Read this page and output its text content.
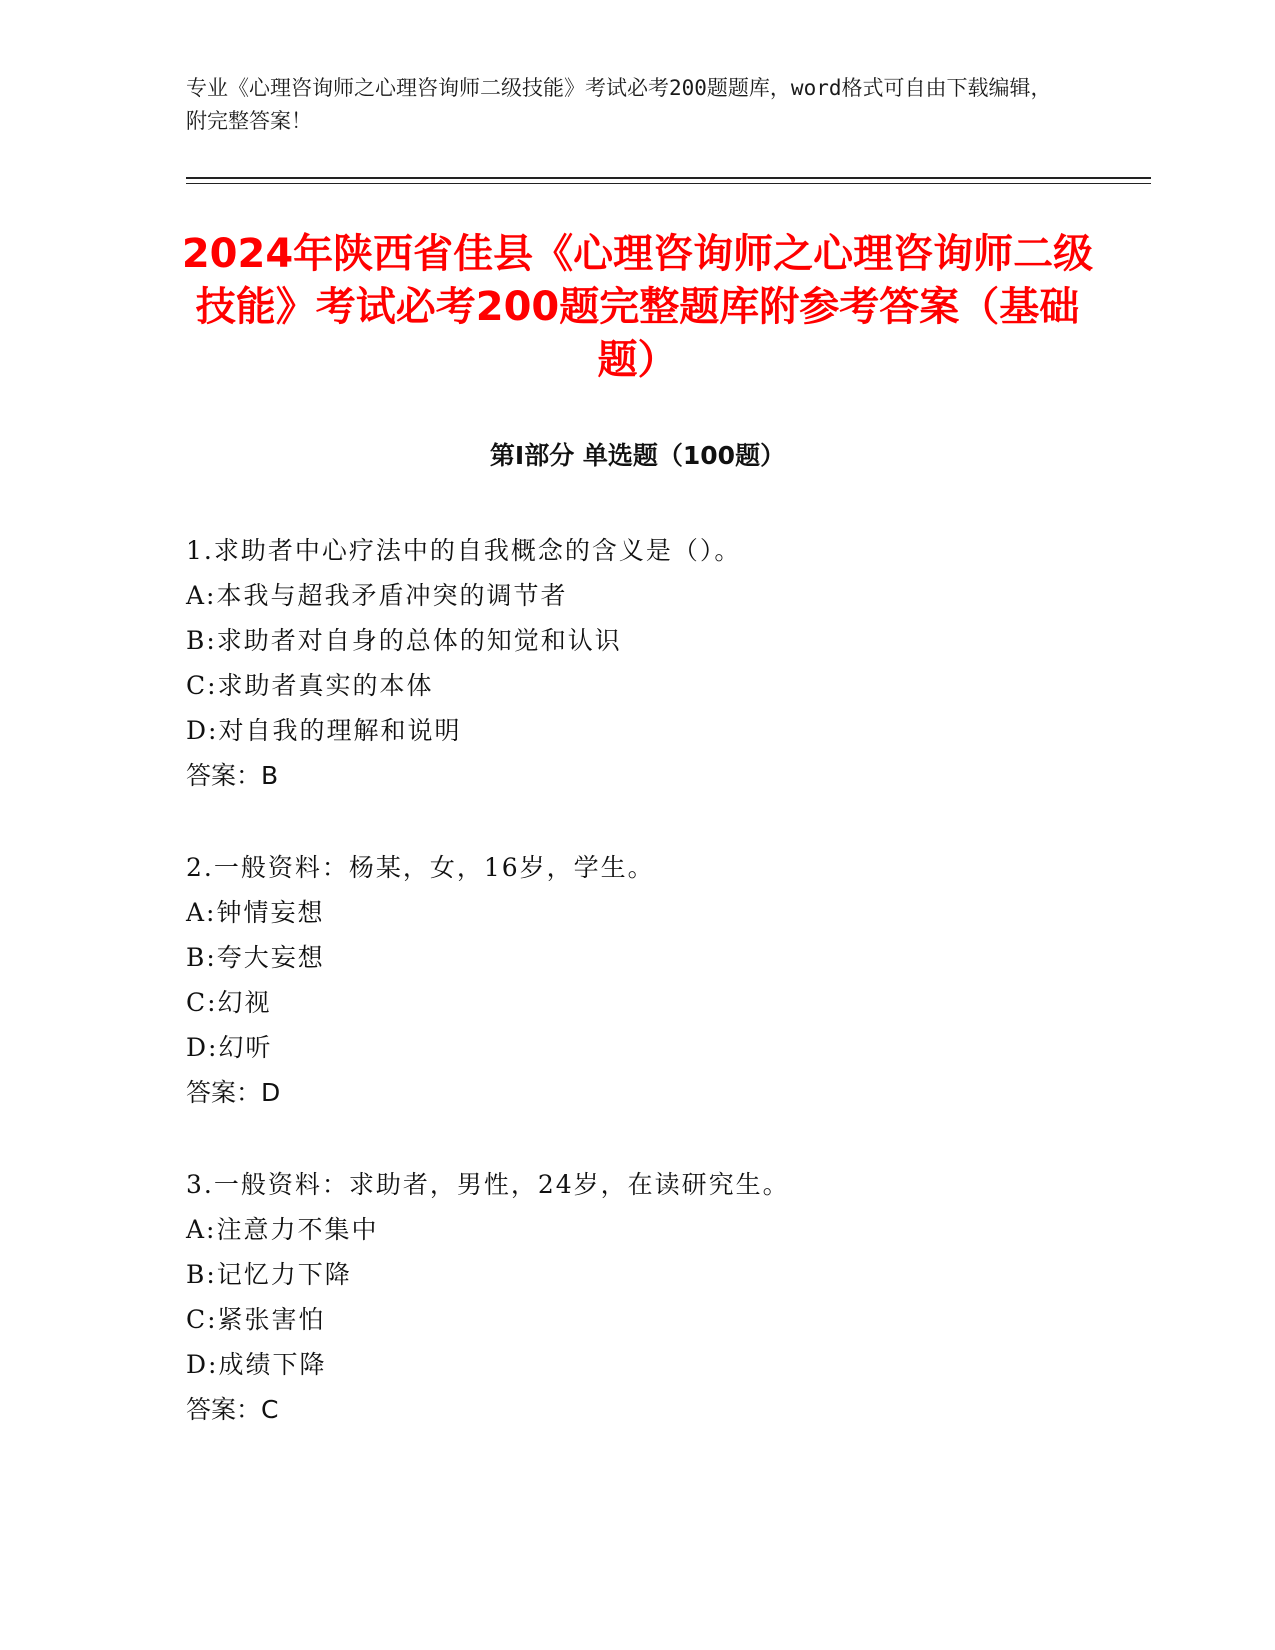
专业《心理咨询师之心理咨询师二级技能》考试必考200题题库，word格式可自由下载编辑，附完整答案！
2024年陕西省佳县《心理咨询师之心理咨询师二级技能》考试必考200题完整题库附参考答案（基础题）
第Ⅰ部分 单选题（100题）
1.求助者中心疗法中的自我概念的含义是（）。
A:本我与超我矛盾冲突的调节者
B:求助者对自身的总体的知觉和认识
C:求助者真实的本体
D:对自我的理解和说明
答案：B
2.一般资料：杨某，女，16岁，学生。
A:钟情妄想
B:夸大妄想
C:幻视
D:幻听
答案：D
3.一般资料：求助者，男性，24岁，在读研究生。
A:注意力不集中
B:记忆力下降
C:紧张害怕
D:成绩下降
答案：C
